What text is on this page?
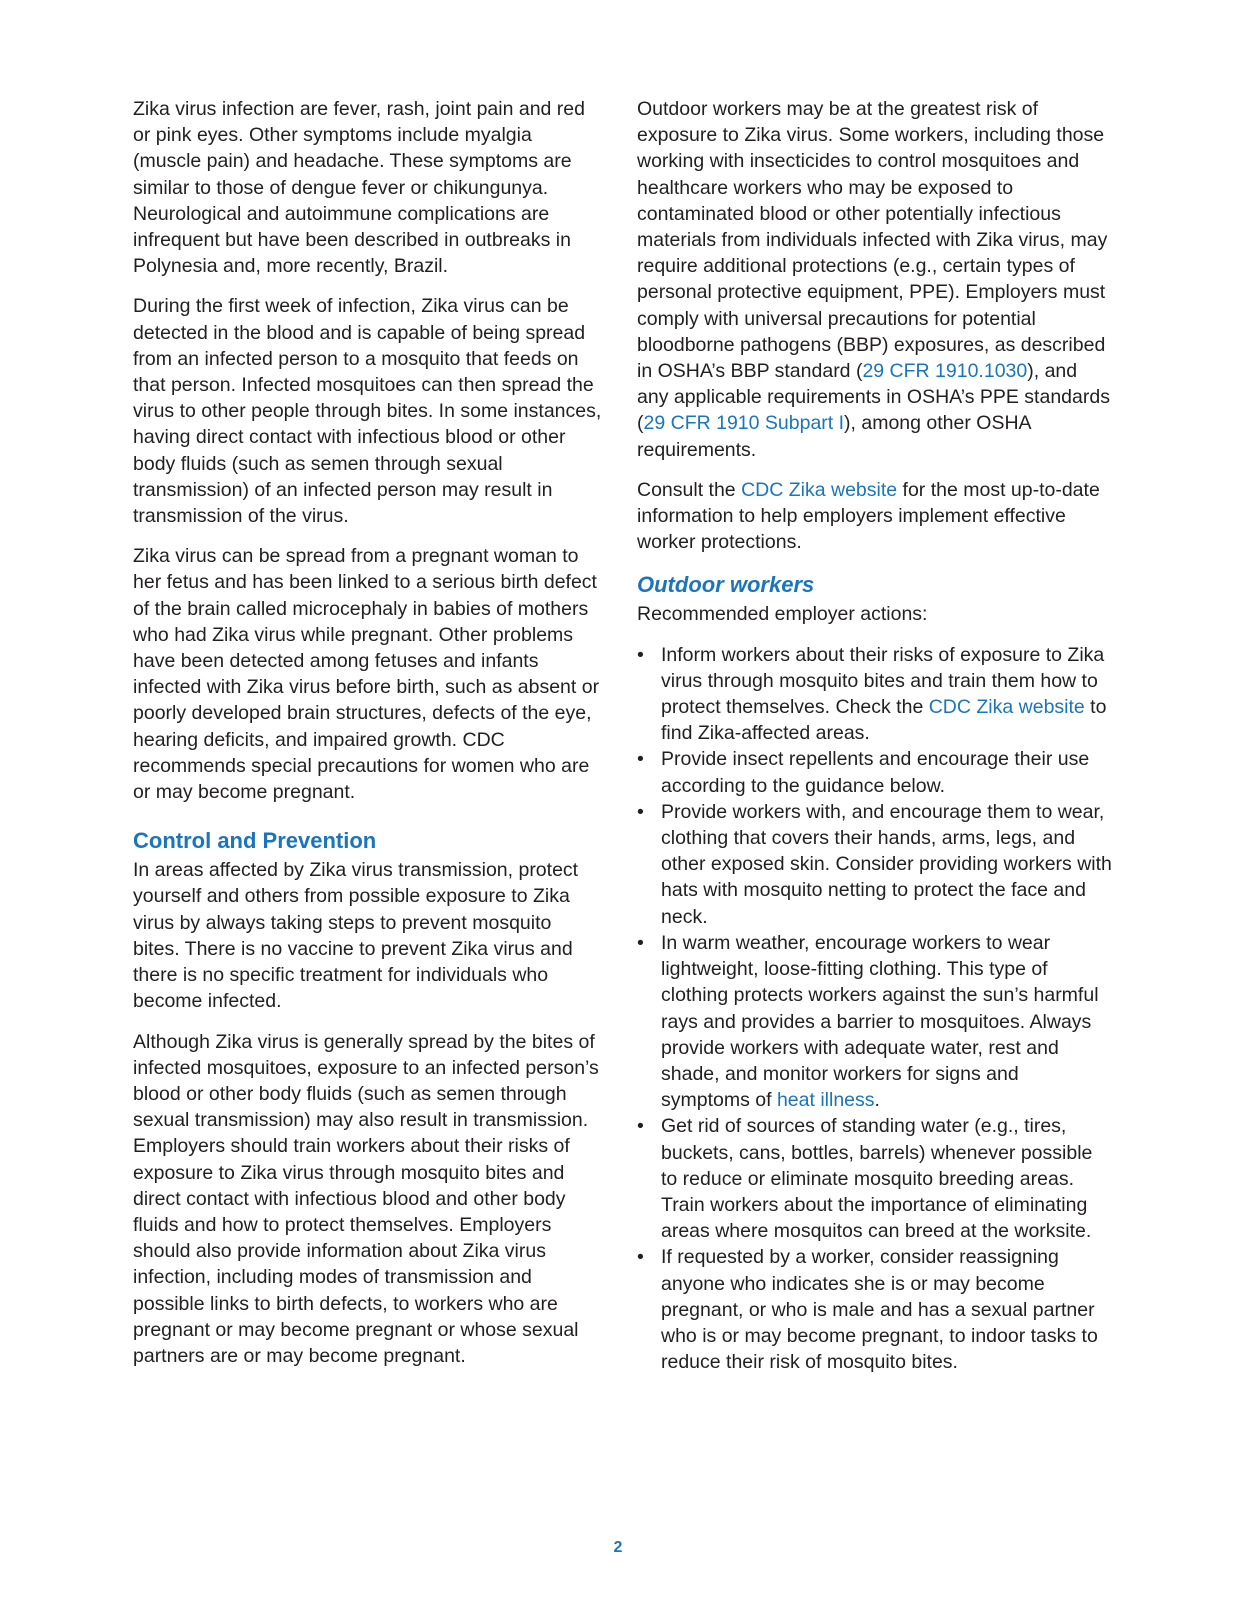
Zika virus infection are fever, rash, joint pain and red or pink eyes. Other symptoms include myalgia (muscle pain) and headache. These symptoms are similar to those of dengue fever or chikungunya. Neurological and autoimmune complications are infrequent but have been described in outbreaks in Polynesia and, more recently, Brazil.

During the first week of infection, Zika virus can be detected in the blood and is capable of being spread from an infected person to a mosquito that feeds on that person. Infected mosquitoes can then spread the virus to other people through bites. In some instances, having direct contact with infectious blood or other body fluids (such as semen through sexual transmission) of an infected person may result in transmission of the virus.

Zika virus can be spread from a pregnant woman to her fetus and has been linked to a serious birth defect of the brain called microcephaly in babies of mothers who had Zika virus while pregnant. Other problems have been detected among fetuses and infants infected with Zika virus before birth, such as absent or poorly developed brain structures, defects of the eye, hearing deficits, and impaired growth. CDC recommends special precautions for women who are or may become pregnant.

Control and Prevention

In areas affected by Zika virus transmission, protect yourself and others from possible exposure to Zika virus by always taking steps to prevent mosquito bites. There is no vaccine to prevent Zika virus and there is no specific treatment for individuals who become infected.

Although Zika virus is generally spread by the bites of infected mosquitoes, exposure to an infected person’s blood or other body fluids (such as semen through sexual transmission) may also result in transmission. Employers should train workers about their risks of exposure to Zika virus through mosquito bites and direct contact with infectious blood and other body fluids and how to protect themselves. Employers should also provide information about Zika virus infection, including modes of transmission and possible links to birth defects, to workers who are pregnant or may become pregnant or whose sexual partners are or may become pregnant.

Outdoor workers may be at the greatest risk of exposure to Zika virus. Some workers, including those working with insecticides to control mosquitoes and healthcare workers who may be exposed to contaminated blood or other potentially infectious materials from individuals infected with Zika virus, may require additional protections (e.g., certain types of personal protective equipment, PPE). Employers must comply with universal precautions for potential bloodborne pathogens (BBP) exposures, as described in OSHA’s BBP standard (29 CFR 1910.1030), and any applicable requirements in OSHA’s PPE standards (29 CFR 1910 Subpart I), among other OSHA requirements.

Consult the CDC Zika website for the most up-to-date information to help employers implement effective worker protections.

Outdoor workers

Recommended employer actions:

• Inform workers about their risks of exposure to Zika virus through mosquito bites and train them how to protect themselves. Check the CDC Zika website to find Zika-affected areas.
• Provide insect repellents and encourage their use according to the guidance below.
• Provide workers with, and encourage them to wear, clothing that covers their hands, arms, legs, and other exposed skin. Consider providing workers with hats with mosquito netting to protect the face and neck.
• In warm weather, encourage workers to wear lightweight, loose-fitting clothing. This type of clothing protects workers against the sun’s harmful rays and provides a barrier to mosquitoes. Always provide workers with adequate water, rest and shade, and monitor workers for signs and symptoms of heat illness.
• Get rid of sources of standing water (e.g., tires, buckets, cans, bottles, barrels) whenever possible to reduce or eliminate mosquito breeding areas. Train workers about the importance of eliminating areas where mosquitos can breed at the worksite.
• If requested by a worker, consider reassigning anyone who indicates she is or may become pregnant, or who is male and has a sexual partner who is or may become pregnant, to indoor tasks to reduce their risk of mosquito bites.
2
